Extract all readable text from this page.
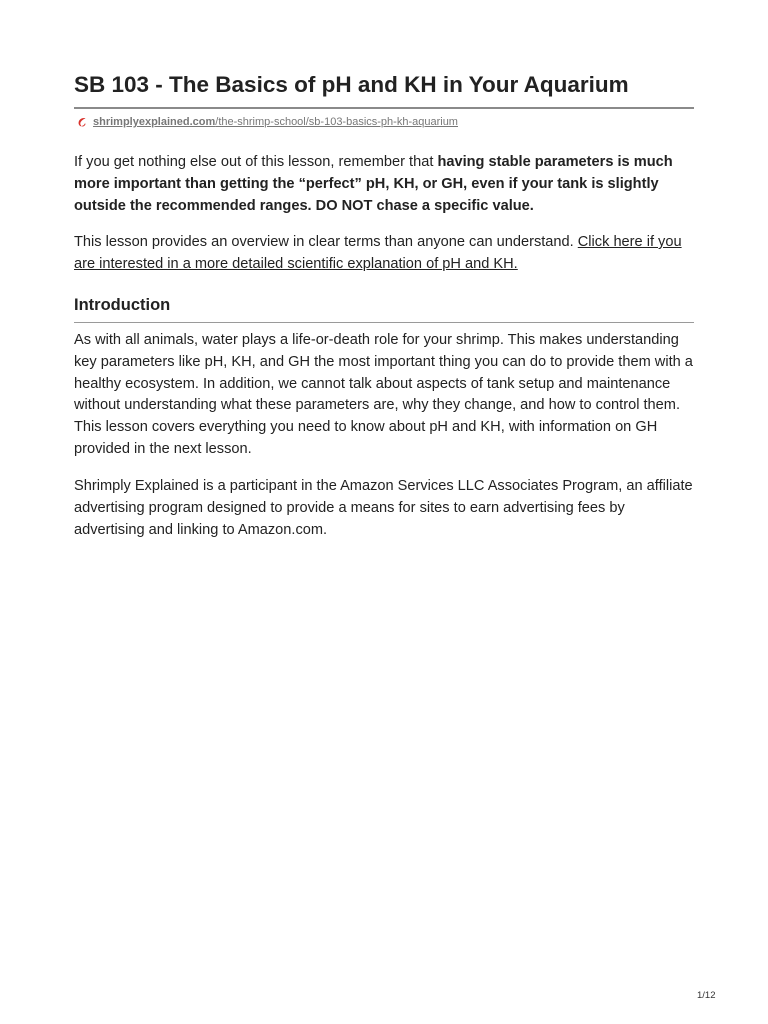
SB 103 - The Basics of pH and KH in Your Aquarium
shrimplyexplained.com/the-shrimp-school/sb-103-basics-ph-kh-aquarium

If you get nothing else out of this lesson, remember that having stable parameters is much more important than getting the “perfect” pH, KH, or GH, even if your tank is slightly outside the recommended ranges. DO NOT chase a specific value.

This lesson provides an overview in clear terms than anyone can understand. Click here if you are interested in a more detailed scientific explanation of pH and KH.

Introduction

As with all animals, water plays a life-or-death role for your shrimp. This makes understanding key parameters like pH, KH, and GH the most important thing you can do to provide them with a healthy ecosystem. In addition, we cannot talk about aspects of tank setup and maintenance without understanding what these parameters are, why they change, and how to control them. This lesson covers everything you need to know about pH and KH, with information on GH provided in the next lesson.

Shrimply Explained is a participant in the Amazon Services LLC Associates Program, an affiliate advertising program designed to provide a means for sites to earn advertising fees by advertising and linking to Amazon.com.

1/12
